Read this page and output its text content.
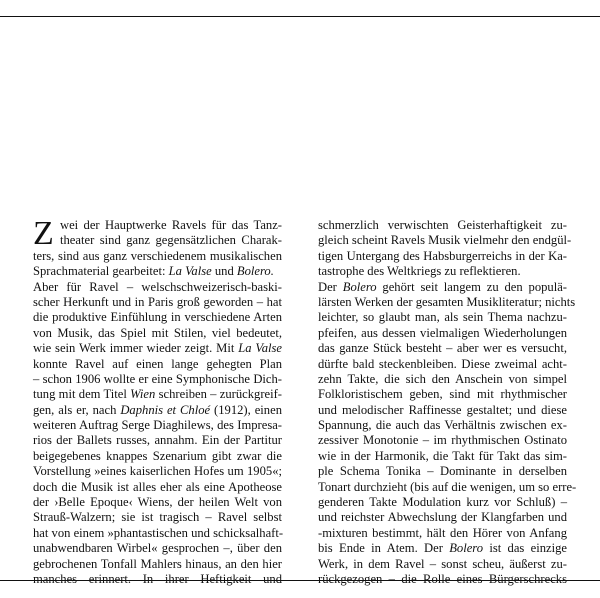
Z wei der Hauptwerke Ravels für das Tanz-
theater sind ganz gegensätzlichen Charak-
ters, sind aus ganz verschiedenem musikalischen
Sprachmaterial gearbeitet: La Valse und Bolero.
Aber für Ravel – welschschweizerisch-baski-
scher Herkunft und in Paris groß geworden – hat
die produktive Einfühlung in verschiedene Arten
von Musik, das Spiel mit Stilen, viel bedeutet,
wie sein Werk immer wieder zeigt. Mit La Valse
konnte Ravel auf einen lange gehegten Plan
– schon 1906 wollte er eine Symphonische Dich-
tung mit dem Titel Wien schreiben – zurückgreif-
gen, als er, nach Daphnis et Chloé (1912), einen
weiteren Auftrag Serge Diaghilews, des Impresa-
rios der Ballets russes, annahm. Ein der Partitur
beigegebenes knappes Szenarium gibt zwar die
Vorstellung »eines kaiserlichen Hofes um 1905«;
doch die Musik ist alles eher als eine Apotheose
der ›Belle Epoque‹ Wiens, der heilen Welt von
Strauß-Walzern; sie ist tragisch – Ravel selbst
hat von einem »phantastischen und schicksalhaft-
unabwendbaren Wirbel« gesprochen –, über den
gebrochenen Tonfall Mahlers hinaus, an den hier
manches erinnert. In ihrer Heftigkeit und
schmerzlich verwischten Geisterhaftigkeit zu-
gleich scheint Ravels Musik vielmehr den endgül-
tigen Untergang des Habsburgerreichs in der Ka-
tastrophe des Weltkriegs zu reflektieren.
Der Bolero gehört seit langem zu den populä-
lärsten Werken der gesamten Musikliteratur; nichts
leichter, so glaubt man, als sein Thema nachzu-
pfeifen, aus dessen vielmaligen Wiederholungen
das ganze Stück besteht – aber wer es versucht,
dürfte bald steckenbleiben. Diese zweimal acht-
zehn Takte, die sich den Anschein von simpel
Folkloristischem geben, sind mit rhythmischer
und melodischer Raffinesse gestaltet; und diese
Spannung, die auch das Verhältnis zwischen ex-
zessiver Monotonie – im rhythmischen Ostinato
wie in der Harmonik, die Takt für Takt das sim-
ple Schema Tonika – Dominante in derselben
Tonart durchzieht (bis auf die wenigen, um so erre-
genderen Takte Modulation kurz vor Schluß) –
und reichster Abwechslung der Klangfarben und
-mixturen bestimmt, hält den Hörer von Anfang
bis Ende in Atem. Der Bolero ist das einzige
Werk, in dem Ravel – sonst scheu, äußerst zu-
rückgezogen – die Rolle eines Bürgerschrecks
